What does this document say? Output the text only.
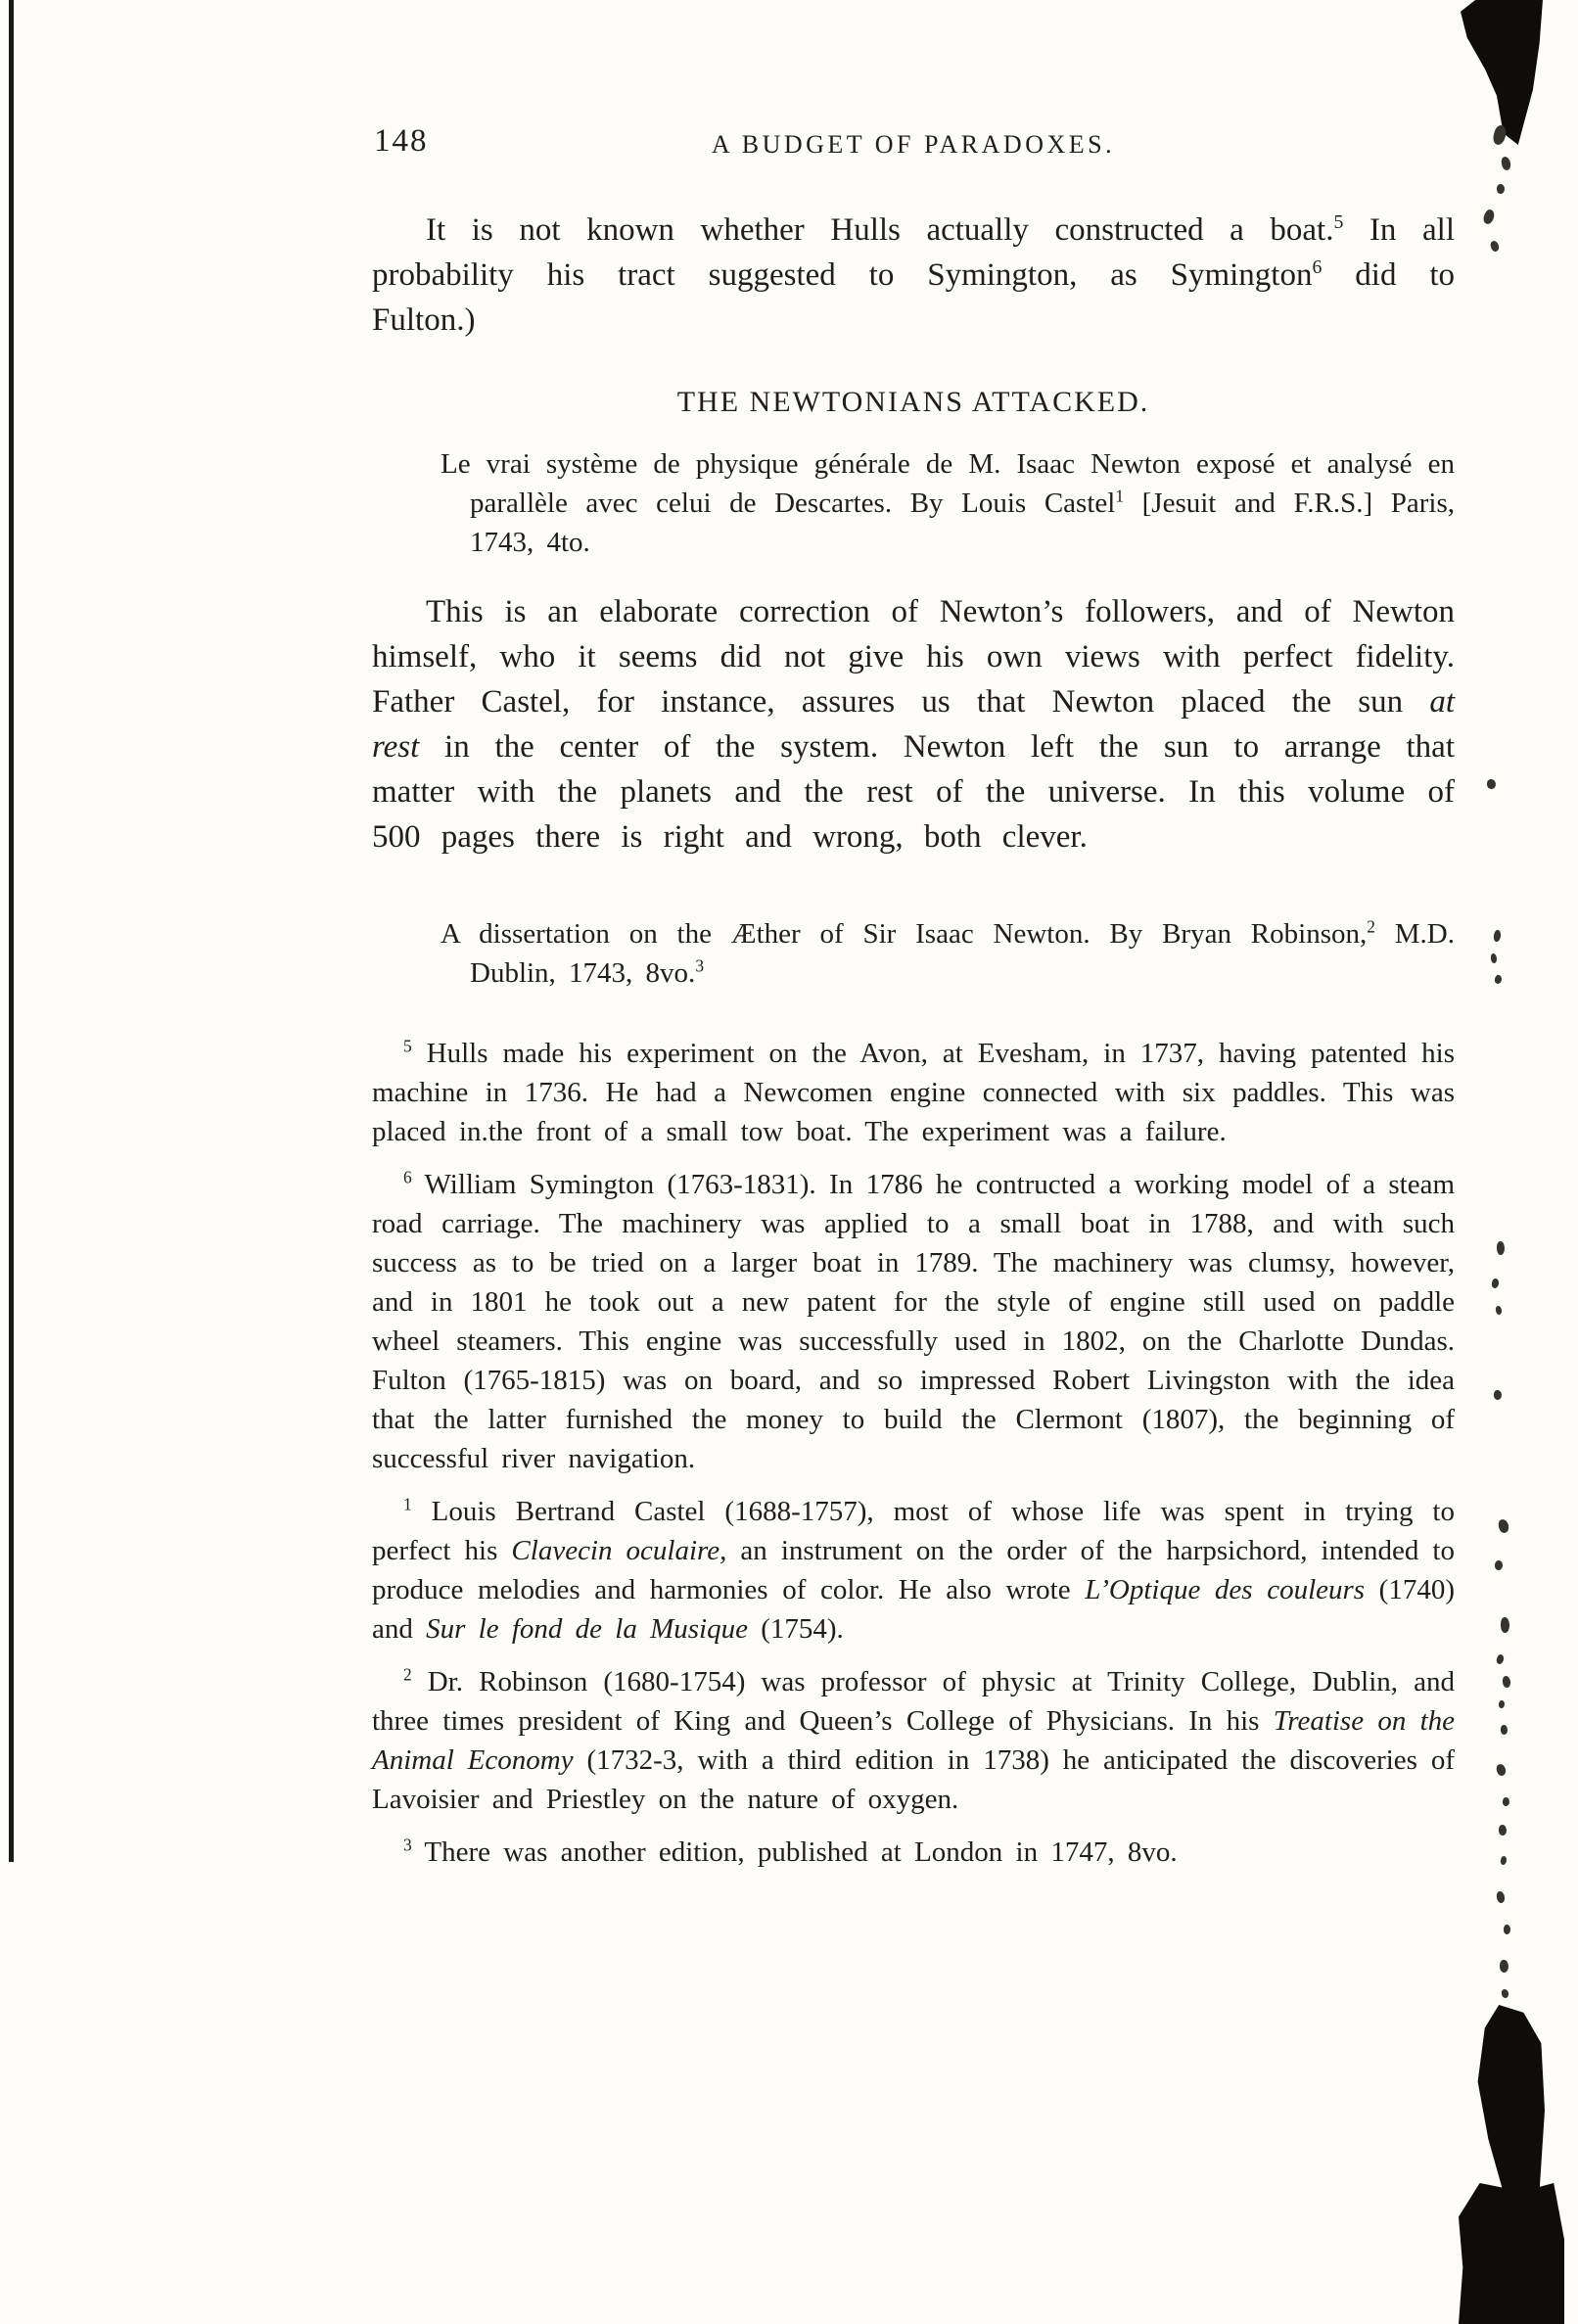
148	A BUDGET OF PARADOXES.

It is not known whether Hulls actually constructed a boat.$^5$ In all probability his tract suggested to Symington, as Symington$^6$ did to Fulton.)

THE NEWTONIANS ATTACKED.

Le vrai système de physique générale de M. Isaac Newton exposé et analysé en parallèle avec celui de Descartes. By Louis Castel$^1$ [Jesuit and F.R.S.] Paris, 1743, 4to.

This is an elaborate correction of Newton’s followers, and of Newton himself, who it seems did not give his own views with perfect fidelity. Father Castel, for instance, assures us that Newton placed the sun at rest in the center of the system. Newton left the sun to arrange that matter with the planets and the rest of the universe. In this volume of 500 pages there is right and wrong, both clever.

A dissertation on the Æther of Sir Isaac Newton. By Bryan Robinson,$^2$ M.D. Dublin, 1743, 8vo.$^3$

$^5$ Hulls made his experiment on the Avon, at Evesham, in 1737, having patented his machine in 1736. He had a Newcomen engine connected with six paddles. This was placed in.the front of a small tow boat. The experiment was a failure.

$^6$ William Symington (1763-1831). In 1786 he contructed a working model of a steam road carriage. The machinery was applied to a small boat in 1788, and with such success as to be tried on a larger boat in 1789. The machinery was clumsy, however, and in 1801 he took out a new patent for the style of engine still used on paddle wheel steamers. This engine was successfully used in 1802, on the Charlotte Dundas. Fulton (1765-1815) was on board, and so impressed Robert Livingston with the idea that the latter furnished the money to build the Clermont (1807), the beginning of successful river navigation.

$^1$ Louis Bertrand Castel (1688-1757), most of whose life was spent in trying to perfect his Clavecin oculaire, an instrument on the order of the harpsichord, intended to produce melodies and harmonies of color. He also wrote L’Optique des couleurs (1740) and Sur le fond de la Musique (1754).

$^2$ Dr. Robinson (1680-1754) was professor of physic at Trinity College, Dublin, and three times president of King and Queen’s College of Physicians. In his Treatise on the Animal Economy (1732-3, with a third edition in 1738) he anticipated the discoveries of Lavoisier and Priestley on the nature of oxygen.

$^3$ There was another edition, published at London in 1747, 8vo.
